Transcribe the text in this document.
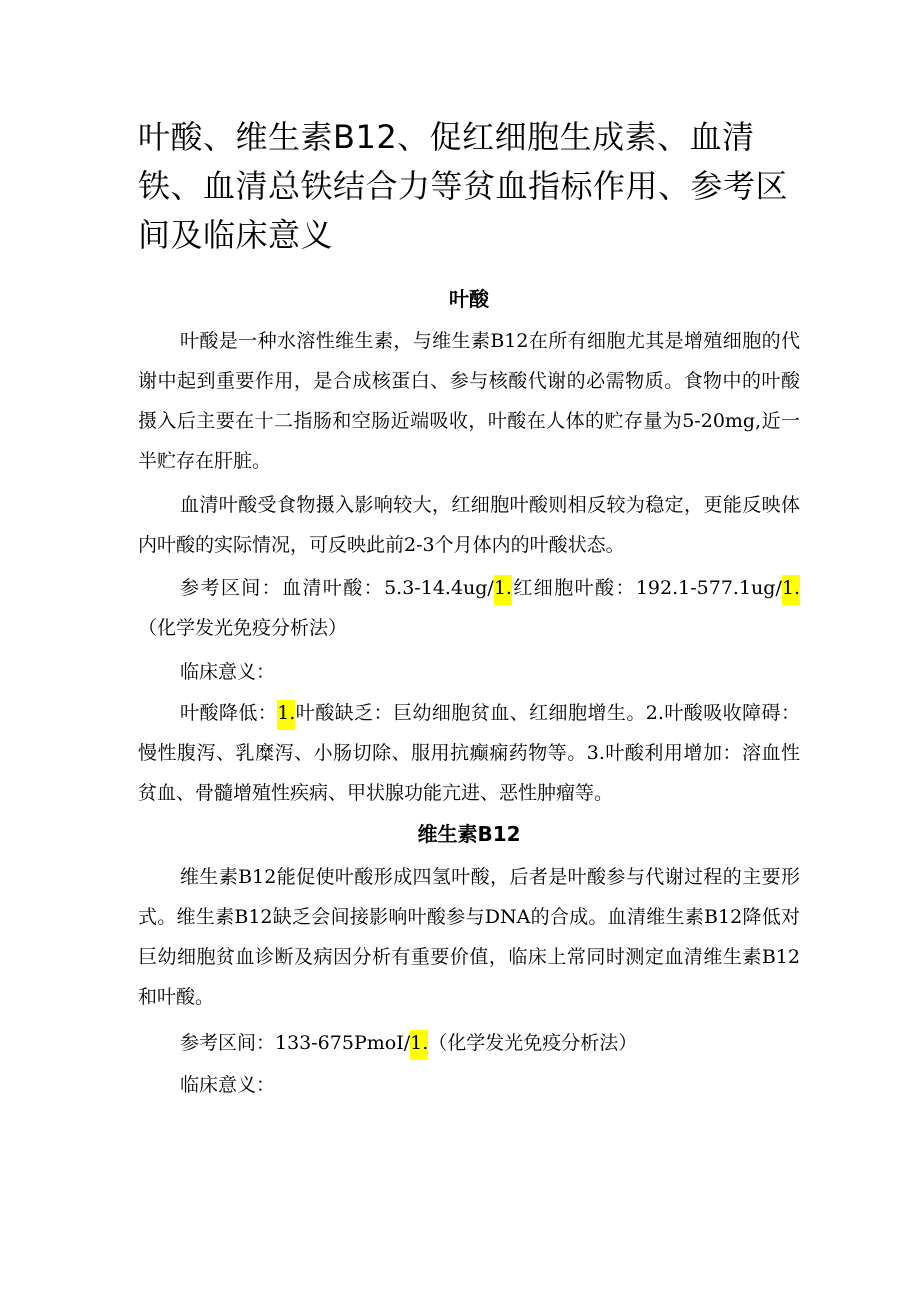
叶酸、维生素B12、促红细胞生成素、血清铁、血清总铁结合力等贫血指标作用、参考区间及临床意义
叶酸

叶酸是一种水溶性维生素，与维生素B12在所有细胞尤其是增殖细胞的代谢中起到重要作用，是合成核蛋白、参与核酸代谢的必需物质。食物中的叶酸摄入后主要在十二指肠和空肠近端吸收，叶酸在人体的贮存量为5-20mg,近一半贮存在肝脏。

血清叶酸受食物摄入影响较大，红细胞叶酸则相反较为稳定，更能反映体内叶酸的实际情况，可反映此前2-3个月体内的叶酸状态。

参考区间：血清叶酸：5.3-14.4ug/1.红细胞叶酸：192.1-577.1ug/1.（化学发光免疫分析法）

临床意义：

叶酸降低：1.叶酸缺乏：巨幼细胞贫血、红细胞增生。2.叶酸吸收障碍：慢性腹泻、乳糜泻、小肠切除、服用抗癫痫药物等。3.叶酸利用增加：溶血性贫血、骨髓增殖性疾病、甲状腺功能亢进、恶性肿瘤等。

维生素B12

维生素B12能促使叶酸形成四氢叶酸，后者是叶酸参与代谢过程的主要形式。维生素B12缺乏会间接影响叶酸参与DNA的合成。血清维生素B12降低对巨幼细胞贫血诊断及病因分析有重要价值，临床上常同时测定血清维生素B12和叶酸。

参考区间：133-675PmoI/1.（化学发光免疫分析法）

临床意义：
